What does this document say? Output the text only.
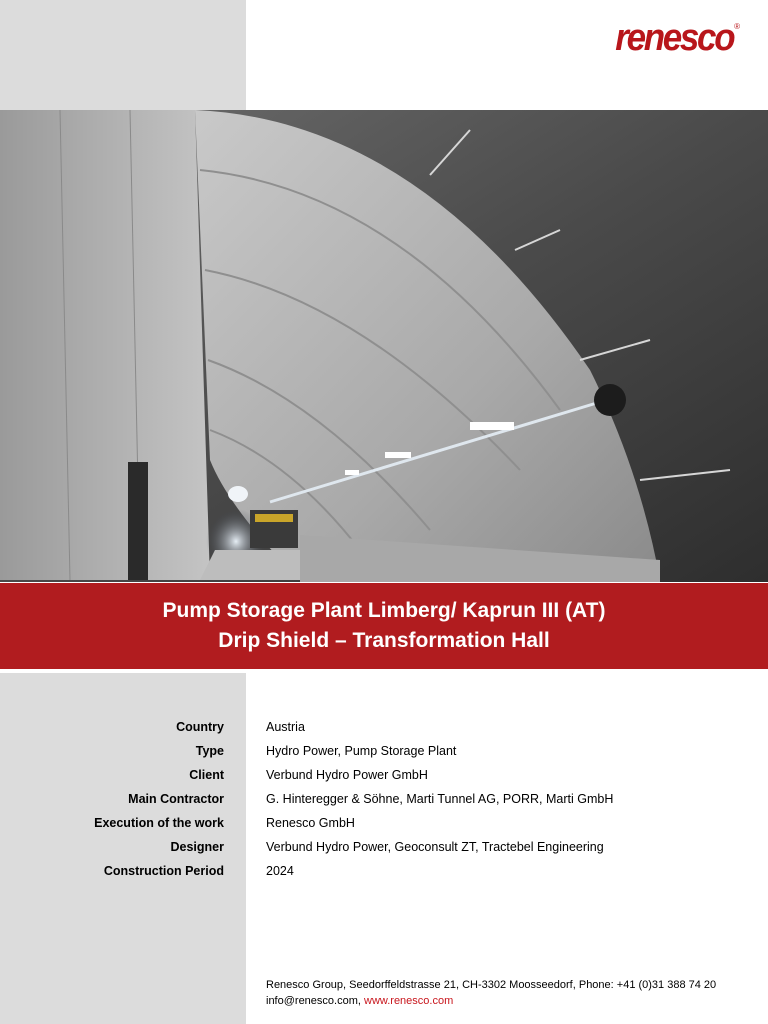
renesco ®
Pump Storage Plant Limberg/ Kaprun III (AT)
Drip Shield – Transformation Hall
Country	Austria
Type	Hydro Power, Pump Storage Plant
Client	Verbund Hydro Power GmbH
Main Contractor	G. Hinteregger & Söhne, Marti Tunnel AG, PORR, Marti GmbH
Execution of the work	Renesco GmbH
Designer	Verbund Hydro Power, Geoconsult ZT, Tractebel Engineering
Construction Period	2024
Renesco Group, Seedorffeldstrasse 21, CH-3302 Moosseedorf, Phone: +41 (0)31 388 74 20
info@renesco.com, www.renesco.com
